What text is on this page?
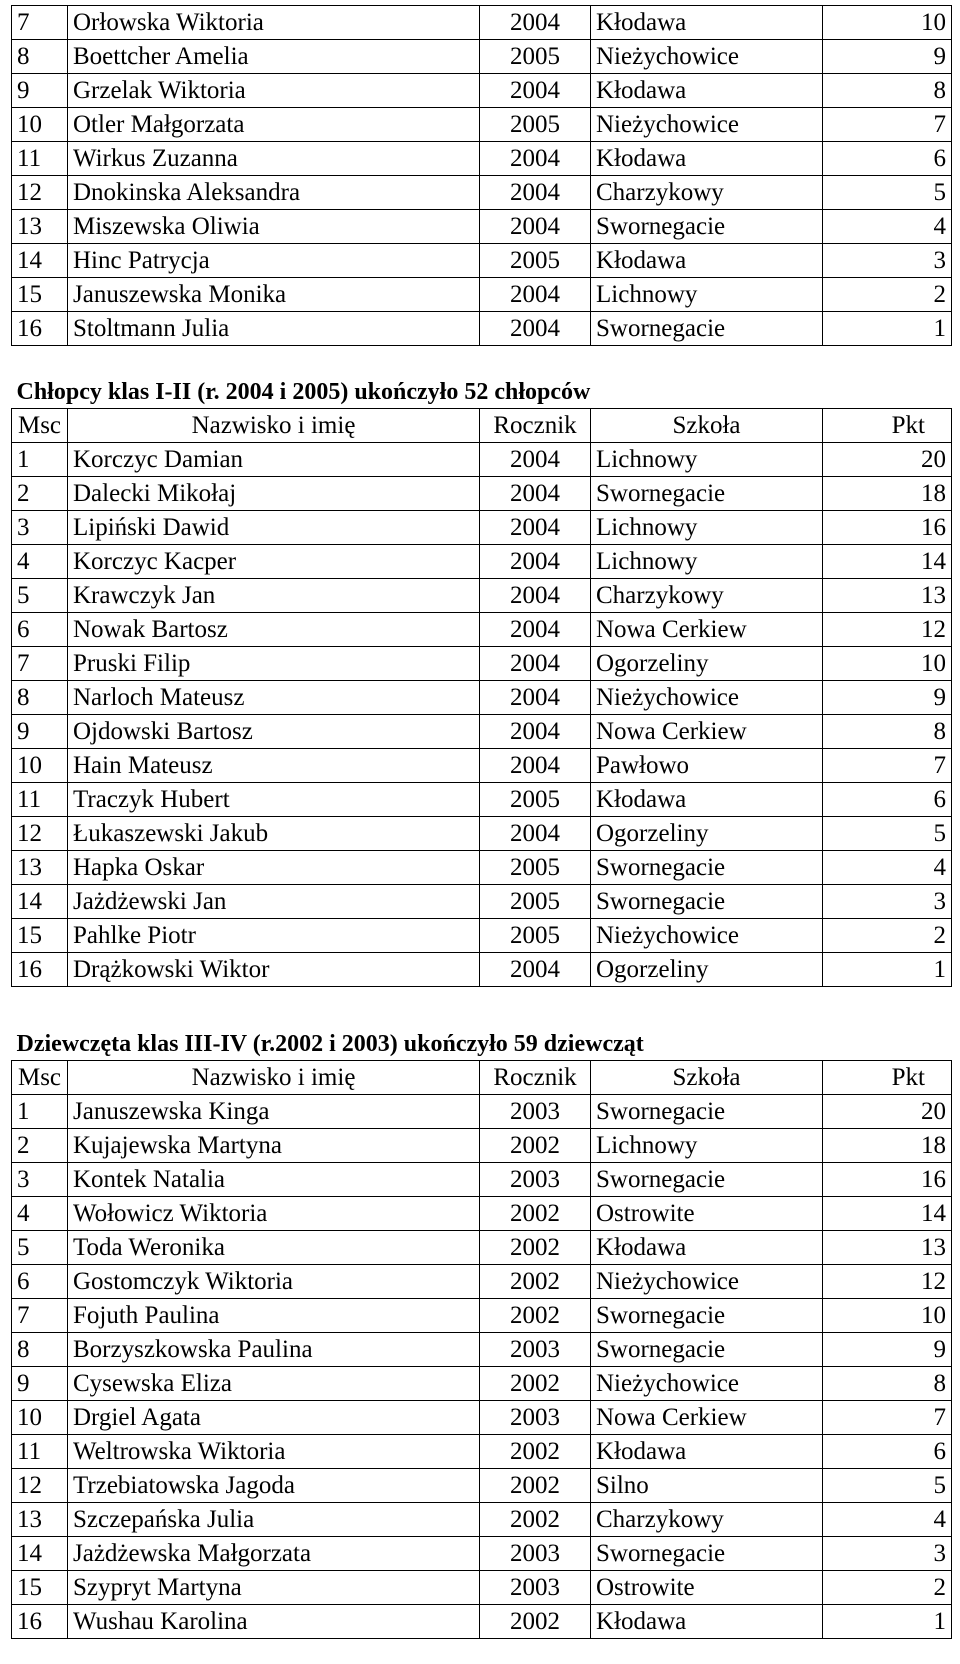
7	Orłowska Wiktoria	2004	Kłodawa	10
8	Boettcher Amelia	2005	Nieżychowice	9
9	Grzelak Wiktoria	2004	Kłodawa	8
10	Otler Małgorzata	2005	Nieżychowice	7
11	Wirkus Zuzanna	2004	Kłodawa	6
12	Dnokinska Aleksandra	2004	Charzykowy	5
13	Miszewska Oliwia	2004	Swornegacie	4
14	Hinc Patrycja	2005	Kłodawa	3
15	Januszewska Monika	2004	Lichnowy	2
16	Stoltmann Julia	2004	Swornegacie	1
Chłopcy klas I-II (r. 2004 i 2005) ukończyło 52 chłopców				
Msc	Nazwisko i imię	Rocznik	Szkoła	Pkt
1	Korczyc Damian	2004	Lichnowy	20
2	Dalecki Mikołaj	2004	Swornegacie	18
3	Lipiński Dawid	2004	Lichnowy	16
4	Korczyc Kacper	2004	Lichnowy	14
5	Krawczyk Jan	2004	Charzykowy	13
6	Nowak Bartosz	2004	Nowa Cerkiew	12
7	Pruski Filip	2004	Ogorzeliny	10
8	Narloch Mateusz	2004	Nieżychowice	9
9	Ojdowski Bartosz	2004	Nowa Cerkiew	8
10	Hain Mateusz	2004	Pawłowo	7
11	Traczyk Hubert	2005	Kłodawa	6
12	Łukaszewski Jakub	2004	Ogorzeliny	5
13	Hapka Oskar	2005	Swornegacie	4
14	Jażdżewski Jan	2005	Swornegacie	3
15	Pahlke Piotr	2005	Nieżychowice	2
16	Drążkowski Wiktor	2004	Ogorzeliny	1
Dziewczęta klas III-IV (r.2002 i 2003) ukończyło 59 dziewcząt				
Msc	Nazwisko i imię	Rocznik	Szkoła	Pkt
1	Januszewska Kinga	2003	Swornegacie	20
2	Kujajewska Martyna	2002	Lichnowy	18
3	Kontek Natalia	2003	Swornegacie	16
4	Wołowicz Wiktoria	2002	Ostrowite	14
5	Toda Weronika	2002	Kłodawa	13
6	Gostomczyk Wiktoria	2002	Nieżychowice	12
7	Fojuth Paulina	2002	Swornegacie	10
8	Borzyszkowska Paulina	2003	Swornegacie	9
9	Cysewska Eliza	2002	Nieżychowice	8
10	Drgiel Agata	2003	Nowa Cerkiew	7
11	Weltrowska Wiktoria	2002	Kłodawa	6
12	Trzebiatowska Jagoda	2002	Silno	5
13	Szczepańska Julia	2002	Charzykowy	4
14	Jażdżewska Małgorzata	2003	Swornegacie	3
15	Szypryt Martyna	2003	Ostrowite	2
16	Wushau Karolina	2002	Kłodawa	1
